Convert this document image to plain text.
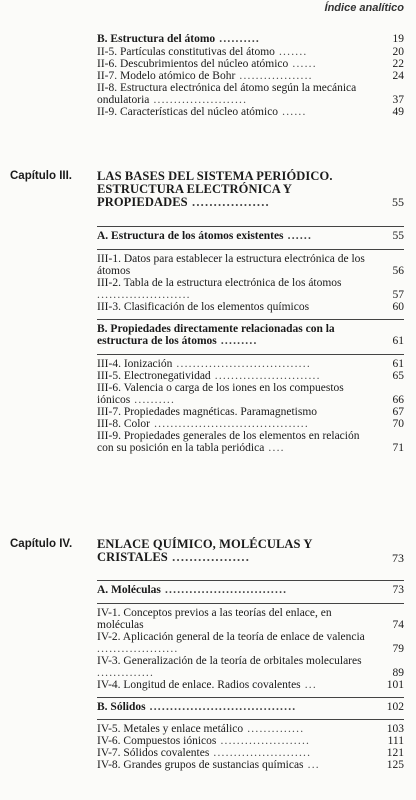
Índice analítico
B. Estructura del átomo ..........	19
II-5. Partículas constitutivas del átomo .......	20
II-6. Descubrimientos del núcleo atómico ......	22
II-7. Modelo atómico de Bohr ..................	24
II-8. Estructura electrónica del átomo según la mecánica ondulatoria .......................	37
II-9. Características del núcleo atómico ......	49
Capítulo III. LAS BASES DEL SISTEMA PERIÓDICO. ESTRUCTURA ELECTRÓNICA Y PROPIEDADES ..................	55
A. Estructura de los átomos existentes ......	55
III-1. Datos para establecer la estructura electrónica de los átomos	56
III-2. Tabla de la estructura electrónica de los átomos .......................	57
III-3. Clasificación de los elementos químicos	60
B. Propiedades directamente relacionadas con la estructura de los átomos .........	61
III-4. Ionización .................................	61
III-5. Electronegatividad ..........................	65
III-6. Valencia o carga de los iones en los compuestos iónicos ..........	66
III-7. Propiedades magnéticas. Paramagnetismo	67
III-8. Color ......................................	70
III-9. Propiedades generales de los elementos en relación con su posición en la tabla periódica ....	71
Capítulo IV. ENLACE QUÍMICO, MOLÉCULAS Y CRISTALES ..................	73
A. Moléculas ..............................	73
IV-1. Conceptos previos a las teorías del enlace, en moléculas	74
IV-2. Aplicación general de la teoría de enlace de valencia ....................	79
IV-3. Generalización de la teoría de orbitales moleculares ..............	89
IV-4. Longitud de enlace. Radios covalentes ...	101
B. Sólidos ....................................	102
IV-5. Metales y enlace metálico ..............	103
IV-6. Compuestos iónicos ......................	111
IV-7. Sólidos covalentes ........................	121
IV-8. Grandes grupos de sustancias químicas ...	125
